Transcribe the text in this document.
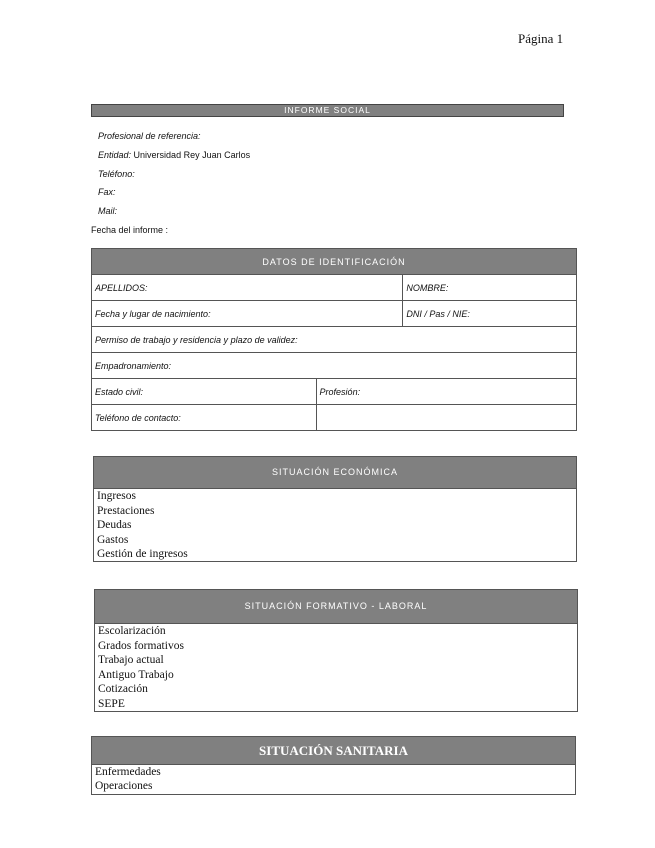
Página 1
INFORME SOCIAL
Profesional de referencia:
Entidad: Universidad Rey Juan Carlos
Teléfono:
Fax:
Mail:
Fecha del informe :
DATOS DE IDENTIFICACIÓN		
APELLIDOS:		NOMBRE:
Fecha y lugar de nacimiento:		DNI / Pas / NIE:
Permiso de trabajo y residencia y plazo de validez:		
Empadronamiento:		
Estado civil:	Profesión:	
Teléfono de contacto:		
SITUACIÓN ECONÓMICA
Ingresos
Prestaciones
Deudas
Gastos
Gestión de ingresos
SITUACIÓN FORMATIVO - LABORAL
Escolarización
Grados formativos
Trabajo actual
Antiguo Trabajo
Cotización
SEPE
SITUACIÓN SANITARIA
Enfermedades
Operaciones
